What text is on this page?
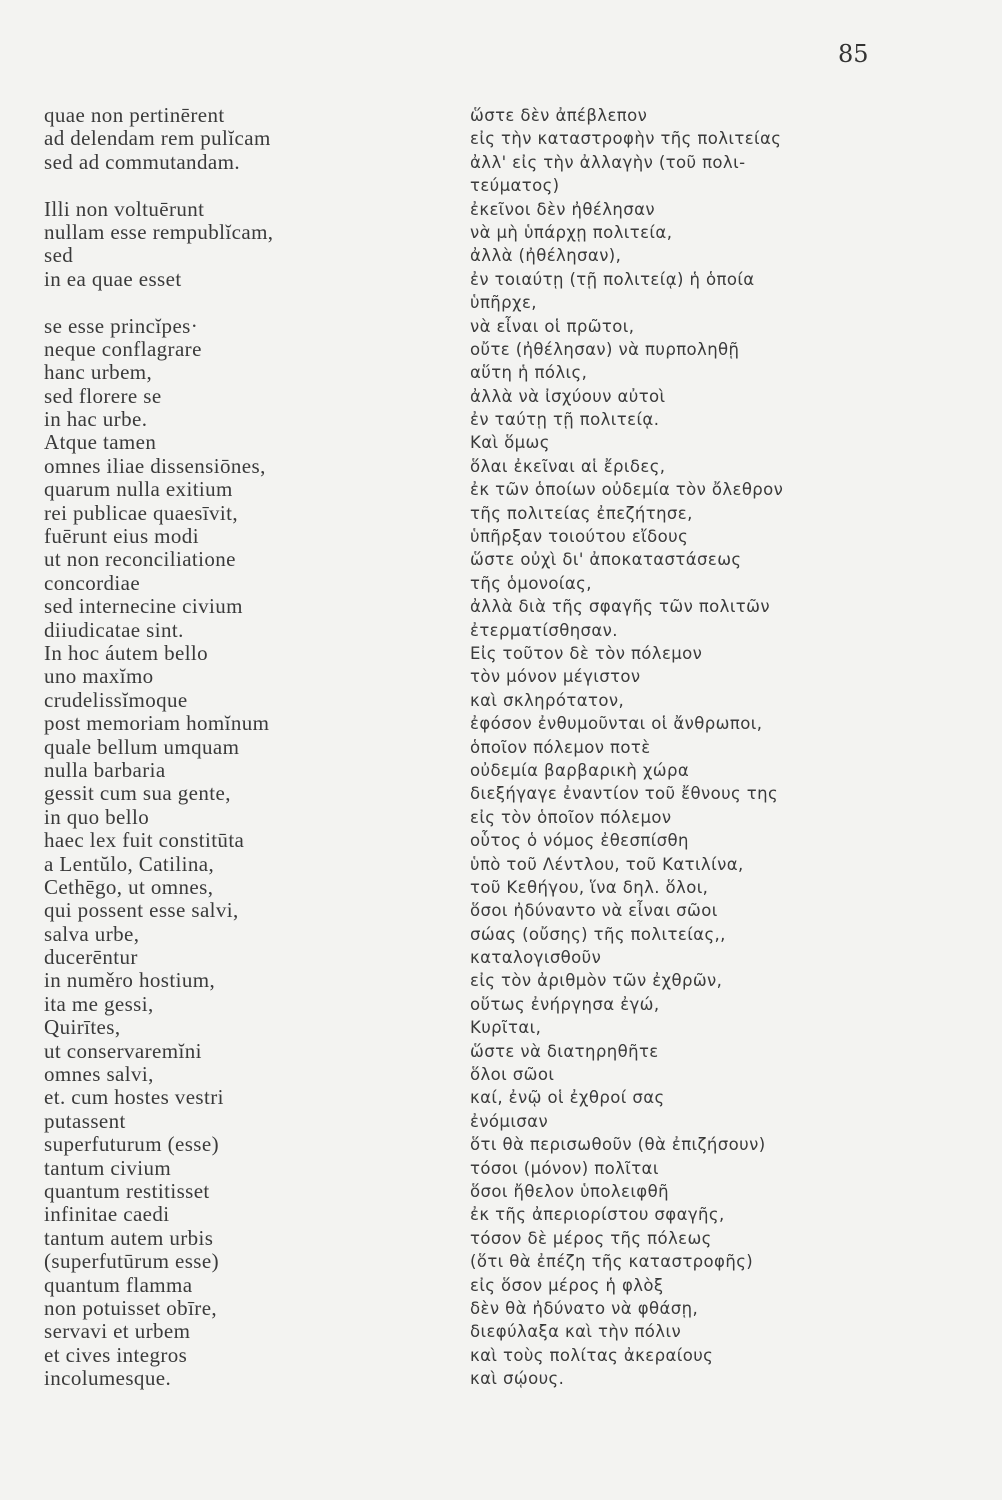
85
quae non pertinērent
ad delendam rem pulĭcam
sed ad commutandam.
Illi non voltuērunt
nullam esse rempublĭcam,
sed
in ea quae esset
se esse princĭpes·
neque conflagrare
hanc urbem,
sed florere se
in hac urbe.
Atque tamen
omnes iliae dissensiōnes,
quarum nulla exitium
rei publicae quaesīvit,
fuērunt eius modi
ut non reconciliatione
concordiae
sed internecine civium
diiudicatae sint.
In hoc áutem bello
uno maxĭmo
crudelissĭmoque
post memoriam homĭnum
quale bellum umquam
nulla barbaria
gessit cum sua gente,
in quo bello
haec lex fuit constitūta
a Lentŭlo, Catilina,
Cethēgo, ut omnes,
qui possent esse salvi,
salva urbe,
ducerēntur
in numěro hostium,
ita me gessi,
Quirītes,
ut conservaremĭni
omnes salvi,
et. cum hostes vestri
putassent
superfuturum (esse)
tantum civium
quantum restitisset
infinitae caedi
tantum autem urbis
(superfutūrum esse)
quantum flamma
non potuisset obīre,
servavi et urbem
et cives integros
incolumesque.
ὥστε δὲν ἀπέβλεπον
εἰς τὴν καταστροφὴν τῆς πολιτείας
ἀλλ' εἰς τὴν ἀλλαγὴν (τοῦ πολι-
τεύματος)
ἐκεῖνοι δὲν ἠθέλησαν
νὰ μὴ ὑπάρχῃ πολιτεία,
ἀλλὰ (ἠθέλησαν),
ἐν τοιαύτῃ (τῇ πολιτείᾳ) ἡ ὁποία
ὑπῆρχε,
νὰ εἶναι οἱ πρῶτοι,
οὔτε (ἠθέλησαν) νὰ πυρποληθῇ
αὕτη ἡ πόλις,
ἀλλὰ νὰ ἰσχύουν αὐτοὶ
ἐν ταύτῃ τῇ πολιτείᾳ.
Καὶ ὅμως
ὅλαι ἐκεῖναι αἱ ἔριδες,
ἐκ τῶν ὁποίων οὐδεμία τὸν ὄλεθρον
τῆς πολιτείας ἐπεζήτησε,
ὑπῆρξαν τοιούτου εἴδους
ὥστε οὐχὶ δι' ἀποκαταστάσεως
τῆς ὁμονοίας,
ἀλλὰ διὰ τῆς σφαγῆς τῶν πολιτῶν
ἐτερματίσθησαν.
Εἰς τοῦτον δὲ τὸν πόλεμον
τὸν μόνον μέγιστον
καὶ σκληρότατον,
ἐφόσον ἐνθυμοῦνται οἱ ἄνθρωποι,
ὁποῖον πόλεμον ποτὲ
οὐδεμία βαρβαρικὴ χώρα
διεξήγαγε ἐναντίον τοῦ ἔθνους της
εἰς τὸν ὁποῖον πόλεμον
οὗτος ὁ νόμος ἐθεσπίσθη
ὑπὸ τοῦ Λέντλου, τοῦ Κατιλίνα,
τοῦ Κεθήγου, ἵνα δηλ. ὅλοι,
ὅσοι ἠδύναντο νὰ εἶναι σῶοι
σώας (οὔσης) τῆς πολιτείας,,
καταλογισθοῦν
εἰς τὸν ἀριθμὸν τῶν ἐχθρῶν,
οὕτως ἐνήργησα ἐγώ,
Κυρῖται,
ὥστε νὰ διατηρηθῆτε
ὅλοι σῶοι
καί, ἐνῷ οἱ ἐχθροί σας
ἐνόμισαν
ὅτι θὰ περισωθοῦν (θὰ ἐπιζήσουν)
τόσοι (μόνον) πολῖται
ὅσοι ἤθελον ὑπολειφθῆ
ἐκ τῆς ἀπεριορίστου σφαγῆς,
τόσον δὲ μέρος τῆς πόλεως
(ὅτι θὰ ἐπέζη τῆς καταστροφῆς)
εἰς ὅσον μέρος ἡ φλὸξ
δὲν θὰ ἠδύνατο νὰ φθάσῃ,
διεφύλαξα καὶ τὴν πόλιν
καὶ τοὺς πολίτας ἀκεραίους
καὶ σῴους.
